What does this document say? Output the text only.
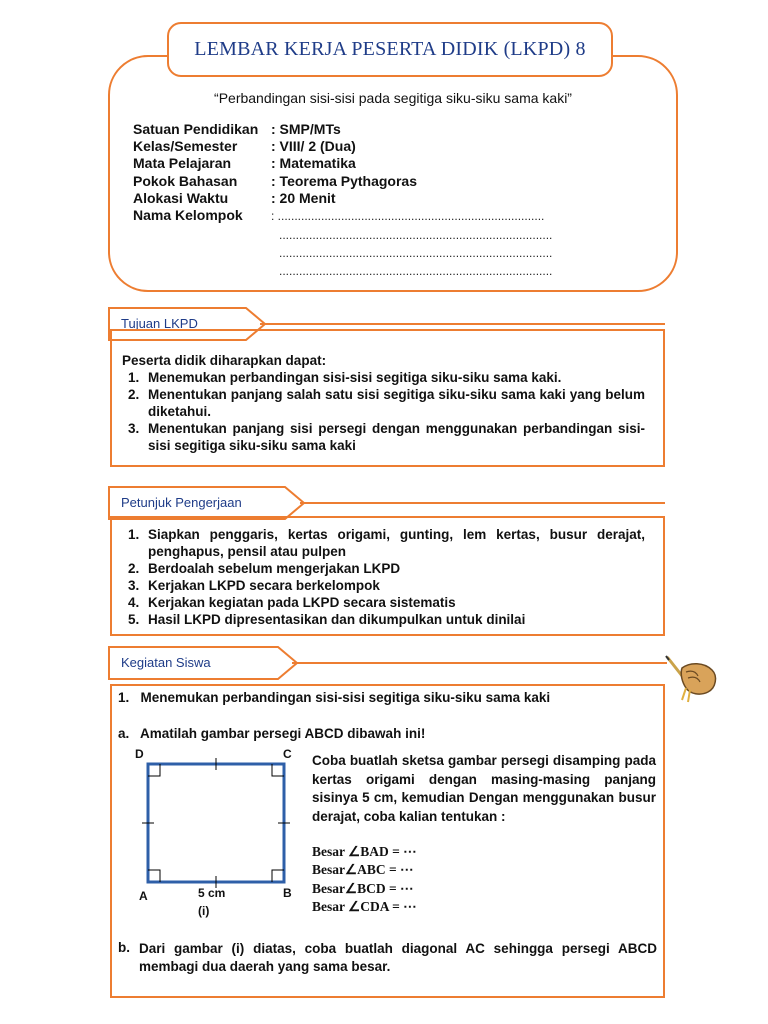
LEMBAR KERJA PESERTA DIDIK (LKPD) 8
“Perbandingan sisi-sisi pada segitiga siku-siku sama kaki”
Satuan Pendidikan : SMP/MTs
Kelas/Semester : VIII/ 2 (Dua)
Mata Pelajaran	: Matematika
Pokok Bahasan : Teorema Pythagoras
Alokasi Waktu	: 20 Menit
Nama Kelompok : ................................................................................
..................................................................................
..................................................................................
..................................................................................
Tujuan LKPD
Peserta didik diharapkan dapat:
1. Menemukan perbandingan sisi-sisi segitiga siku-siku sama kaki.
2. Menentukan panjang salah satu sisi segitiga siku-siku sama kaki yang belum diketahui.
3. Menentukan panjang sisi persegi dengan menggunakan perbandingan sisi-sisi segitiga siku-siku sama kaki
Petunjuk Pengerjaan
1. Siapkan penggaris, kertas origami, gunting, lem kertas, busur derajat, penghapus, pensil atau pulpen
2. Berdoalah sebelum mengerjakan LKPD
3. Kerjakan LKPD secara berkelompok
4. Kerjakan kegiatan pada LKPD secara sistematis
5. Hasil LKPD dipresentasikan dan dikumpulkan untuk dinilai
Kegiatan Siswa
1.   Menemukan perbandingan sisi-sisi segitiga siku-siku sama kaki
a.   Amatilah gambar persegi ABCD dibawah ini!
D	C
A	B
5 cm
(i)
Coba buatlah sketsa gambar persegi disamping pada kertas origami dengan masing-masing panjang sisinya 5 cm, kemudian Dengan menggunakan busur derajat, coba kalian tentukan :
Besar ∠BAD = ⋯
Besar∠ABC = ⋯
Besar∠BCD = ⋯
Besar ∠CDA = ⋯
b. Dari gambar (i) diatas, coba buatlah diagonal AC sehingga persegi ABCD membagi dua daerah yang sama besar.
